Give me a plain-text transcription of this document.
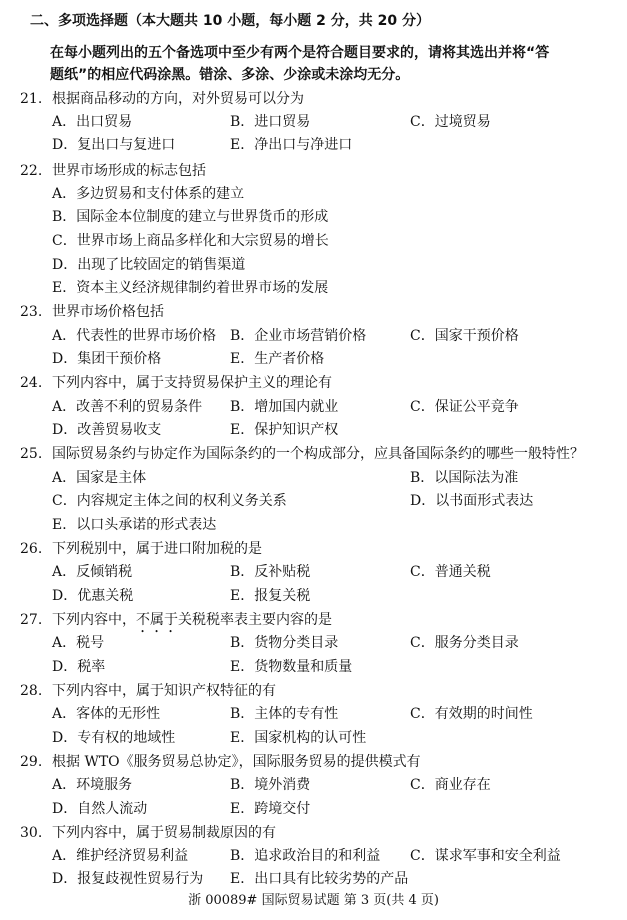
二、多项选择题（本大题共 10 小题，每小题 2 分，共 20 分）
在每小题列出的五个备选项中至少有两个是符合题目要求的，请将其选出并将“答
题纸”的相应代码涂黑。错涂、多涂、少涂或未涂均无分。
21. 根据商品移动的方向，对外贸易可以分为
A．出口贸易	B．进口贸易	C．过境贸易
D．复出口与复进口	E．净出口与净进口
22. 世界市场形成的标志包括
A．多边贸易和支付体系的建立
B．国际金本位制度的建立与世界货币的形成
C．世界市场上商品多样化和大宗贸易的增长
D．出现了比较固定的销售渠道
E．资本主义经济规律制约着世界市场的发展
23. 世界市场价格包括
A．代表性的世界市场价格 B．企业市场营销价格	C．国家干预价格
D．集团干预价格	E．生产者价格
24. 下列内容中，属于支持贸易保护主义的理论有
A．改善不利的贸易条件 B．增加国内就业	C．保证公平竞争
D．改善贸易收支	E．保护知识产权
25. 国际贸易条约与协定作为国际条约的一个构成部分，应具备国际条约的哪些一般特性？
A．国家是主体	B．以国际法为准
C．内容规定主体之间的权利义务关系	D．以书面形式表达
E．以口头承诺的形式表达
26. 下列税别中，属于进口附加税的是
A．反倾销税	B．反补贴税	C．普通关税
D．优惠关税	E．报复关税
27. 下列内容中，不属于关税税率表主要内容的是
A．税号	B．货物分类目录	C．服务分类目录
D．税率	E．货物数量和质量
28. 下列内容中，属于知识产权特征的有
A．客体的无形性	B．主体的专有性	C．有效期的时间性
D．专有权的地域性	E．国家机构的认可性
29. 根据 WTO《服务贸易总协定》，国际服务贸易的提供模式有
A．环境服务	B．境外消费	C．商业存在
D．自然人流动	E．跨境交付
30. 下列内容中，属于贸易制裁原因的有
A．维护经济贸易利益	B．追求政治目的和利益 C．谋求军事和安全利益
D．报复歧视性贸易行为 E．出口具有比较劣势的产品
浙 00089# 国际贸易试题 第 3 页(共 4 页)
